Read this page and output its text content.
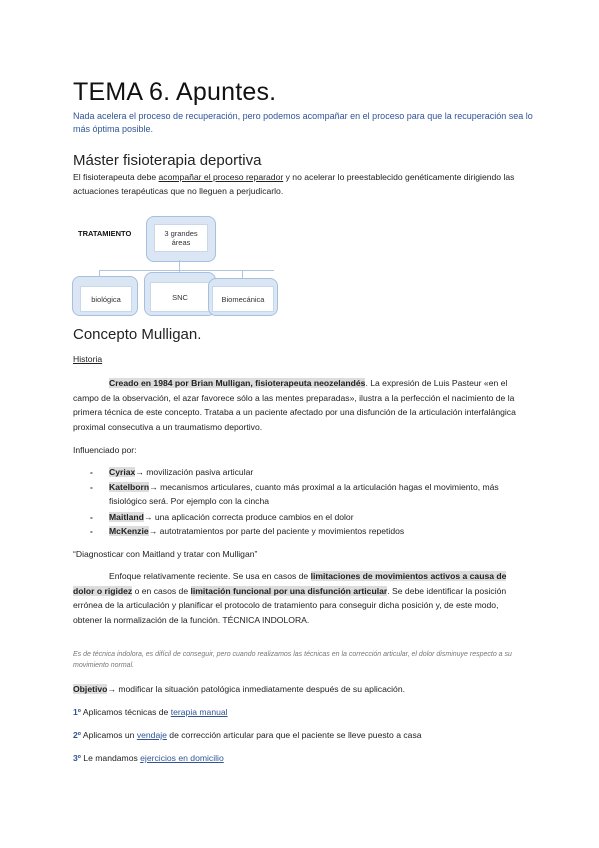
TEMA 6. Apuntes.
Nada acelera el proceso de recuperación, pero podemos acompañar en el proceso para que la recuperación sea lo más óptima posible.
Máster fisioterapia deportiva

El fisioterapeuta debe acompañar el proceso reparador y no acelerar lo preestablecido genéticamente dirigiendo las actuaciones terapéuticas que no lleguen a perjudicarlo.

TRATAMIENTO	3 grandes áreas
biológica	SNC	Biomecánica
Concepto Mulligan.

Historia

Creado en 1984 por Brian Mulligan, fisioterapeuta neozelandés. La expresión de Luis Pasteur «en el campo de la observación, el azar favorece sólo a las mentes preparadas», ilustra a la perfección el nacimiento de la primera técnica de este concepto. Trataba a un paciente afectado por una disfunción de la articulación interfalángica proximal consecutiva a un traumatismo deportivo.

Influenciado por:

- Cyriax→ movilización pasiva articular
- Katelborn→ mecanismos articulares, cuanto más proximal a la articulación hagas el movimiento, más fisiológico será. Por ejemplo con la cincha
- Maitland→ una aplicación correcta produce cambios en el dolor
- McKenzie→ autotratamientos por parte del paciente y movimientos repetidos

“Diagnosticar con Maitland y tratar con Mulligan”

Enfoque relativamente reciente. Se usa en casos de limitaciones de movimientos activos a causa de dolor o rigidez o en casos de limitación funcional por una disfunción articular. Se debe identificar la posición errónea de la articulación y planificar el protocolo de tratamiento para conseguir dicha posición y, de este modo, obtener la normalización de la función. TÉCNICA INDOLORA.

Es de técnica indolora, es difícil de conseguir, pero cuando realizamos las técnicas en la corrección articular, el dolor disminuye respecto a su movimiento normal.

Objetivo→ modificar la situación patológica inmediatamente después de su aplicación.

1º Aplicamos técnicas de terapia manual

2º Aplicamos un vendaje de corrección articular para que el paciente se lleve puesto a casa

3º Le mandamos ejercicios en domicilio
